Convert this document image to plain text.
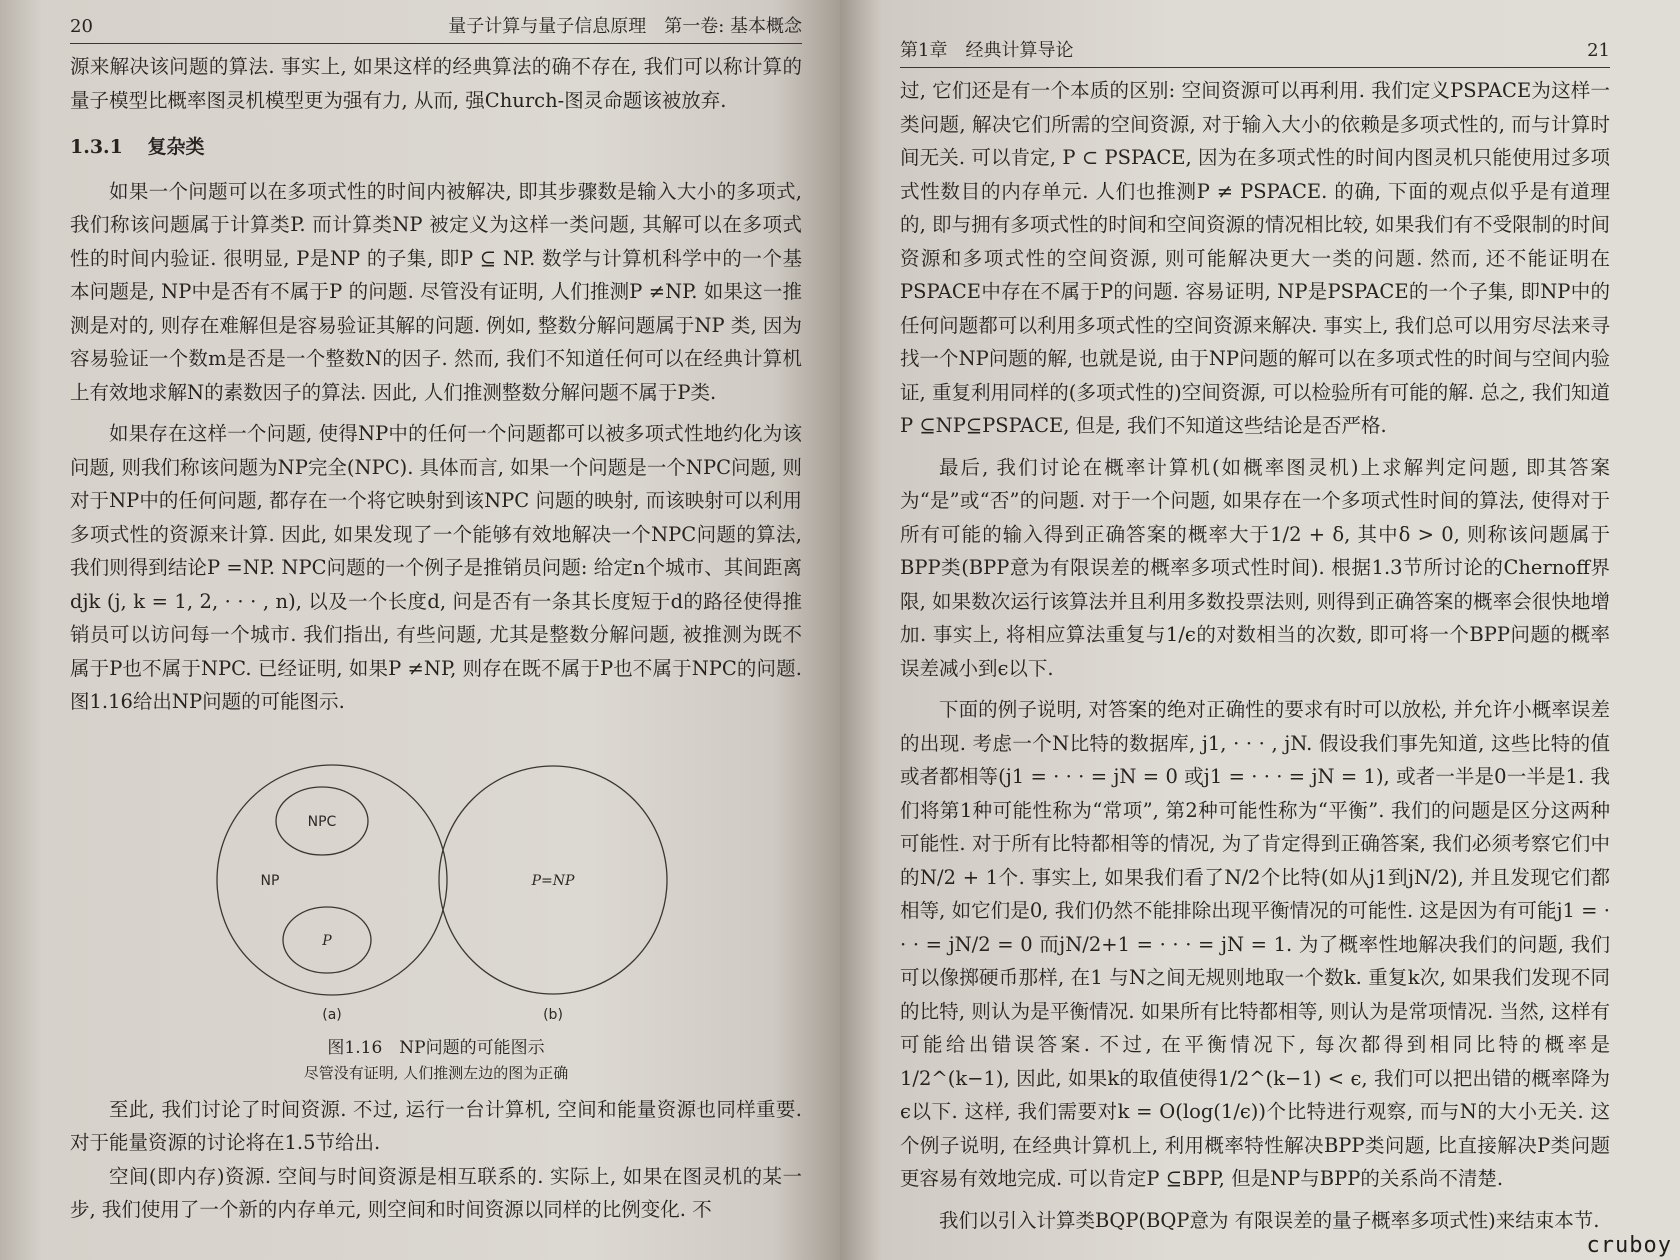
20	量子计算与量子信息原理　第一卷: 基本概念

源来解决该问题的算法. 事实上, 如果这样的经典算法的确不存在, 我们可以称计算的量子模型比概率图灵机模型更为强有力, 从而, 强Church-图灵命题该被放弃.

1.3.1 复杂类

如果一个问题可以在多项式性的时间内被解决, 即其步骤数是输入大小的多项式, 我们称该问题属于计算类P. 而计算类NP 被定义为这样一类问题, 其解可以在多项式性的时间内验证. 很明显, P是NP 的子集, 即P ⊆ NP. 数学与计算机科学中的一个基本问题是, NP中是否有不属于P 的问题. 尽管没有证明, 人们推测P ≠NP. 如果这一推测是对的, 则存在难解但是容易验证其解的问题. 例如, 整数分解问题属于NP 类, 因为容易验证一个数m是否是一个整数N的因子. 然而, 我们不知道任何可以在经典计算机上有效地求解N的素数因子的算法. 因此, 人们推测整数分解问题不属于P类.

如果存在这样一个问题, 使得NP中的任何一个问题都可以被多项式性地约化为该问题, 则我们称该问题为NP完全(NPC). 具体而言, 如果一个问题是一个NPC问题, 则对于NP中的任何问题, 都存在一个将它映射到该NPC 问题的映射, 而该映射可以利用多项式性的资源来计算. 因此, 如果发现了一个能够有效地解决一个NPC问题的算法, 我们则得到结论P =NP. NPC问题的一个例子是推销员问题: 给定n个城市、其间距离djk (j, k = 1, 2, · · · , n), 以及一个长度d, 问是否有一条其长度短于d的路径使得推销员可以访问每一个城市. 我们指出, 有些问题, 尤其是整数分解问题, 被推测为既不属于P也不属于NPC. 已经证明, 如果P ≠NP, 则存在既不属于P也不属于NPC的问题. 图1.16给出NP问题的可能图示.

NPC
NP
P
(a)
P=NP
(b)

图1.16　NP问题的可能图示

尽管没有证明, 人们推测左边的图为正确

至此, 我们讨论了时间资源. 不过, 运行一台计算机, 空间和能量资源也同样重要. 对于能量资源的讨论将在1.5节给出.

空间(即内存)资源. 空间与时间资源是相互联系的. 实际上, 如果在图灵机的某一步, 我们使用了一个新的内存单元, 则空间和时间资源以同样的比例变化. 不

第1章　经典计算导论	21

过, 它们还是有一个本质的区别: 空间资源可以再利用. 我们定义PSPACE为这样一类问题, 解决它们所需的空间资源, 对于输入大小的依赖是多项式性的, 而与计算时间无关. 可以肯定, P ⊂ PSPACE, 因为在多项式性的时间内图灵机只能使用过多项式性数目的内存单元. 人们也推测P ≠ PSPACE. 的确, 下面的观点似乎是有道理的, 即与拥有多项式性的时间和空间资源的情况相比较, 如果我们有不受限制的时间资源和多项式性的空间资源, 则可能解决更大一类的问题. 然而, 还不能证明在PSPACE中存在不属于P的问题. 容易证明, NP是PSPACE的一个子集, 即NP中的任何问题都可以利用多项式性的空间资源来解决. 事实上, 我们总可以用穷尽法来寻找一个NP问题的解, 也就是说, 由于NP问题的解可以在多项式性的时间与空间内验证, 重复利用同样的(多项式性的)空间资源, 可以检验所有可能的解. 总之, 我们知道P ⊆NP⊆PSPACE, 但是, 我们不知道这些结论是否严格.

最后, 我们讨论在概率计算机(如概率图灵机)上求解判定问题, 即其答案为“是”或“否”的问题. 对于一个问题, 如果存在一个多项式性时间的算法, 使得对于所有可能的输入得到正确答案的概率大于1/2 + δ, 其中δ > 0, 则称该问题属于BPP类(BPP意为有限误差的概率多项式性时间). 根据1.3节所讨论的Chernoff界限, 如果数次运行该算法并且利用多数投票法则, 则得到正确答案的概率会很快地增加. 事实上, 将相应算法重复与1/ϵ的对数相当的次数, 即可将一个BPP问题的概率误差减小到ϵ以下.

下面的例子说明, 对答案的绝对正确性的要求有时可以放松, 并允许小概率误差的出现. 考虑一个N比特的数据库, j1, · · · , jN. 假设我们事先知道, 这些比特的值或者都相等(j1 = · · · = jN = 0 或j1 = · · · = jN = 1), 或者一半是0一半是1. 我们将第1种可能性称为“常项”, 第2种可能性称为“平衡”. 我们的问题是区分这两种可能性. 对于所有比特都相等的情况, 为了肯定得到正确答案, 我们必须考察它们中的N/2 + 1个. 事实上, 如果我们看了N/2个比特(如从j1到jN/2), 并且发现它们都相等, 如它们是0, 我们仍然不能排除出现平衡情况的可能性. 这是因为有可能j1 = · · · = jN/2 = 0 而jN/2+1 = · · · = jN = 1. 为了概率性地解决我们的问题, 我们可以像掷硬币那样, 在1 与N之间无规则地取一个数k. 重复k次, 如果我们发现不同的比特, 则认为是平衡情况. 如果所有比特都相等, 则认为是常项情况. 当然, 这样有可能给出错误答案. 不过, 在平衡情况下, 每次都得到相同比特的概率是1/2^(k−1), 因此, 如果k的取值使得1/2^(k−1) < ϵ, 我们可以把出错的概率降为ϵ以下. 这样, 我们需要对k = O(log(1/ϵ))个比特进行观察, 而与N的大小无关. 这个例子说明, 在经典计算机上, 利用概率特性解决BPP类问题, 比直接解决P类问题更容易有效地完成. 可以肯定P ⊆BPP, 但是NP与BPP的关系尚不清楚.

我们以引入计算类BQP(BQP意为 有限误差的量子概率多项式性)来结束本节.

cruboy
